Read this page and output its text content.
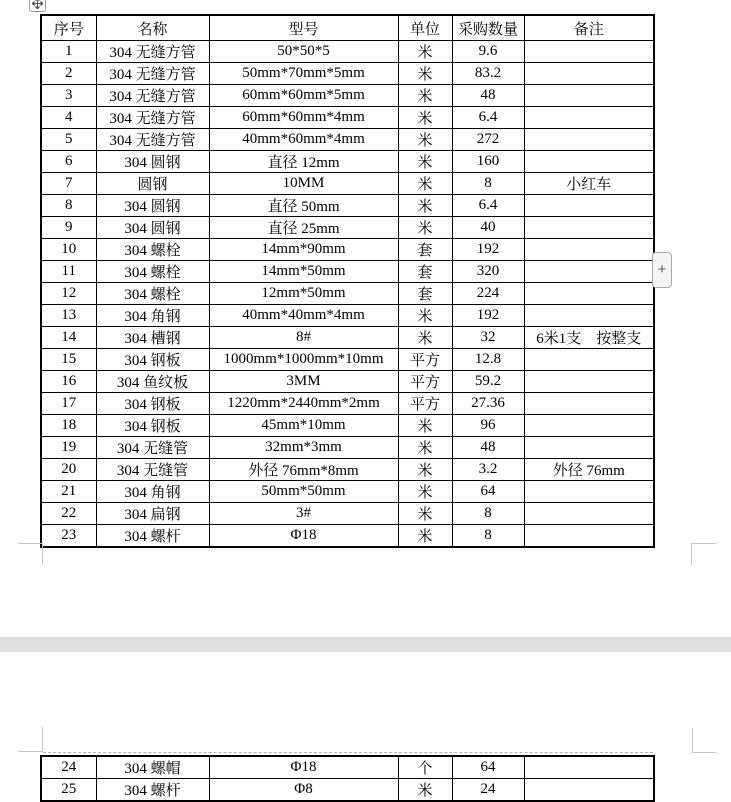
序号	名称	型号	单位	采购数量	备注
1	304 无缝方管	50*50*5	米	9.6	
2	304 无缝方管	50mm*70mm*5mm	米	83.2	
3	304 无缝方管	60mm*60mm*5mm	米	48	
4	304 无缝方管	60mm*60mm*4mm	米	6.4	
5	304 无缝方管	40mm*60mm*4mm	米	272	
6	304 圆钢	直径 12mm	米	160	
7	圆钢	10MM	米	8	小红车
8	304 圆钢	直径 50mm	米	6.4	
9	304 圆钢	直径 25mm	米	40	
10	304 螺栓	14mm*90mm	套	192	
11	304 螺栓	14mm*50mm	套	320	
12	304 螺栓	12mm*50mm	套	224	
13	304 角钢	40mm*40mm*4mm	米	192	
14	304 槽钢	8#	米	32	6米1支　按整支
15	304 钢板	1000mm*1000mm*10mm	平方	12.8	
16	304 鱼纹板	3MM	平方	59.2	
17	304 钢板	1220mm*2440mm*2mm	平方	27.36	
18	304 钢板	45mm*10mm	米	96	
19	304 无缝管	32mm*3mm	米	48	
20	304 无缝管	外径 76mm*8mm	米	3.2	外径 76mm
21	304 角钢	50mm*50mm	米	64	
22	304 扁钢	3#	米	8	
23	304 螺杆	Φ18	米	8	
+
24	304 螺帽	Φ18	个	64	
25	304 螺杆	Φ8	米	24	
